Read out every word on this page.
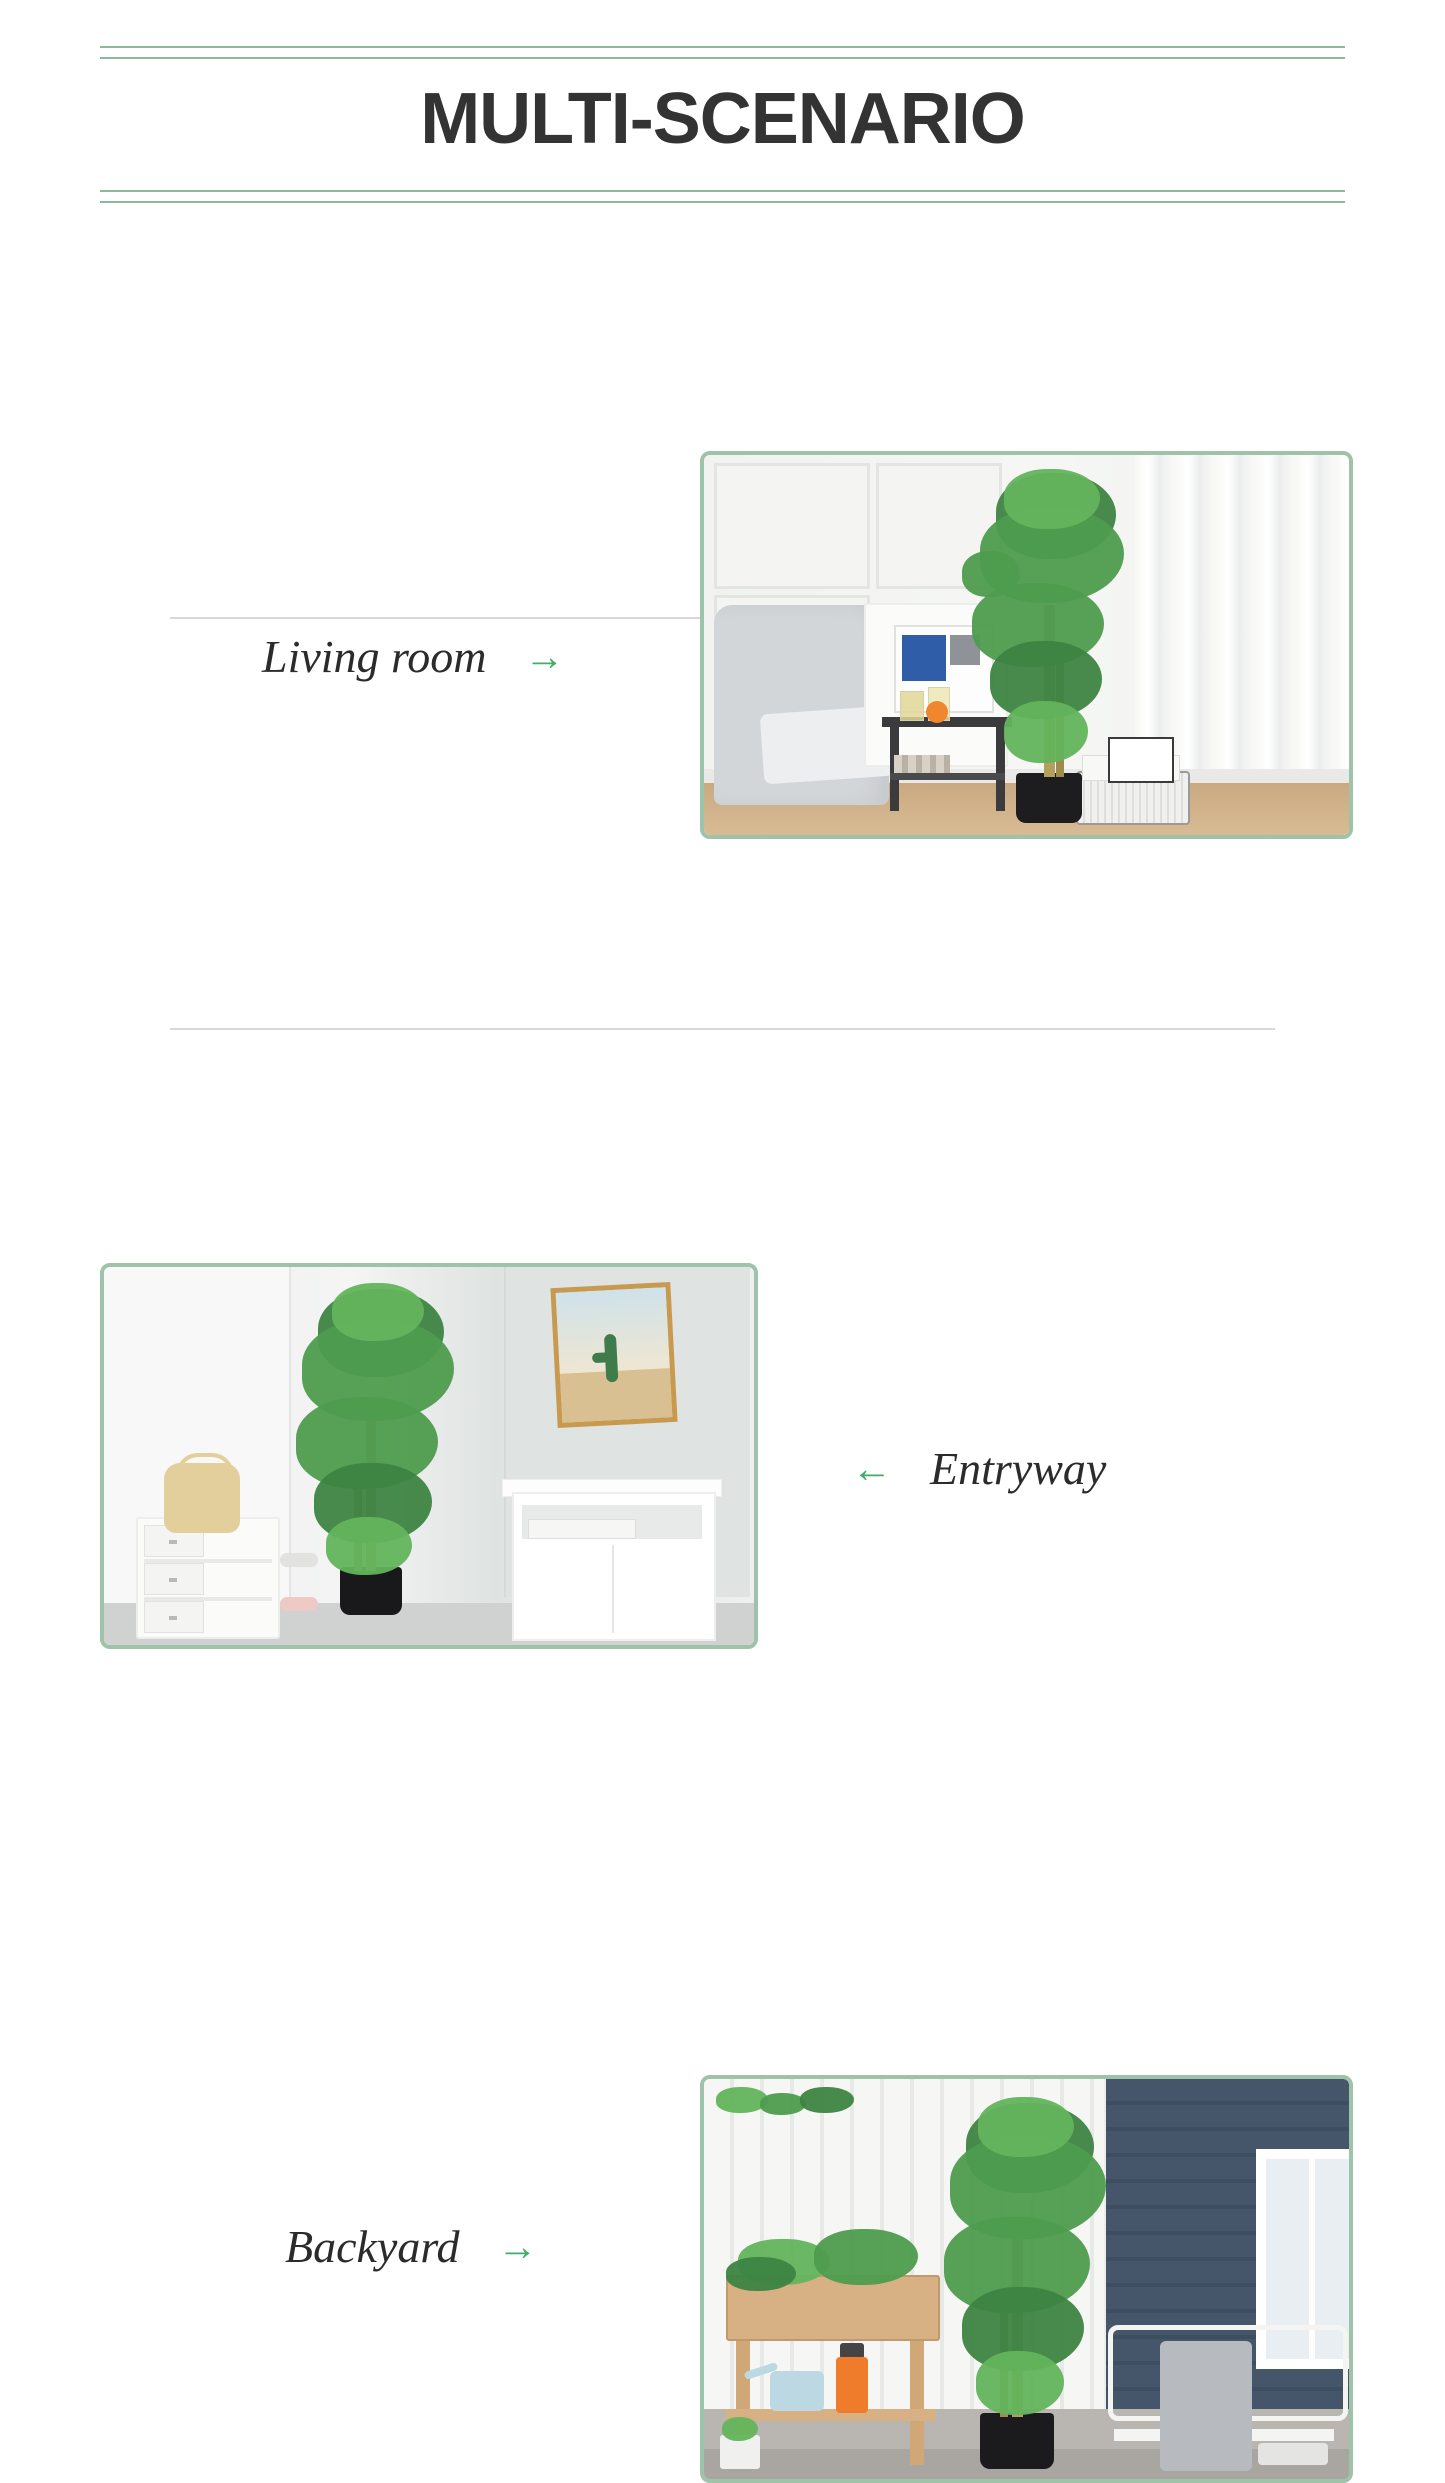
MULTI-SCENARIO
Living room →
← Entryway
Backyard →
